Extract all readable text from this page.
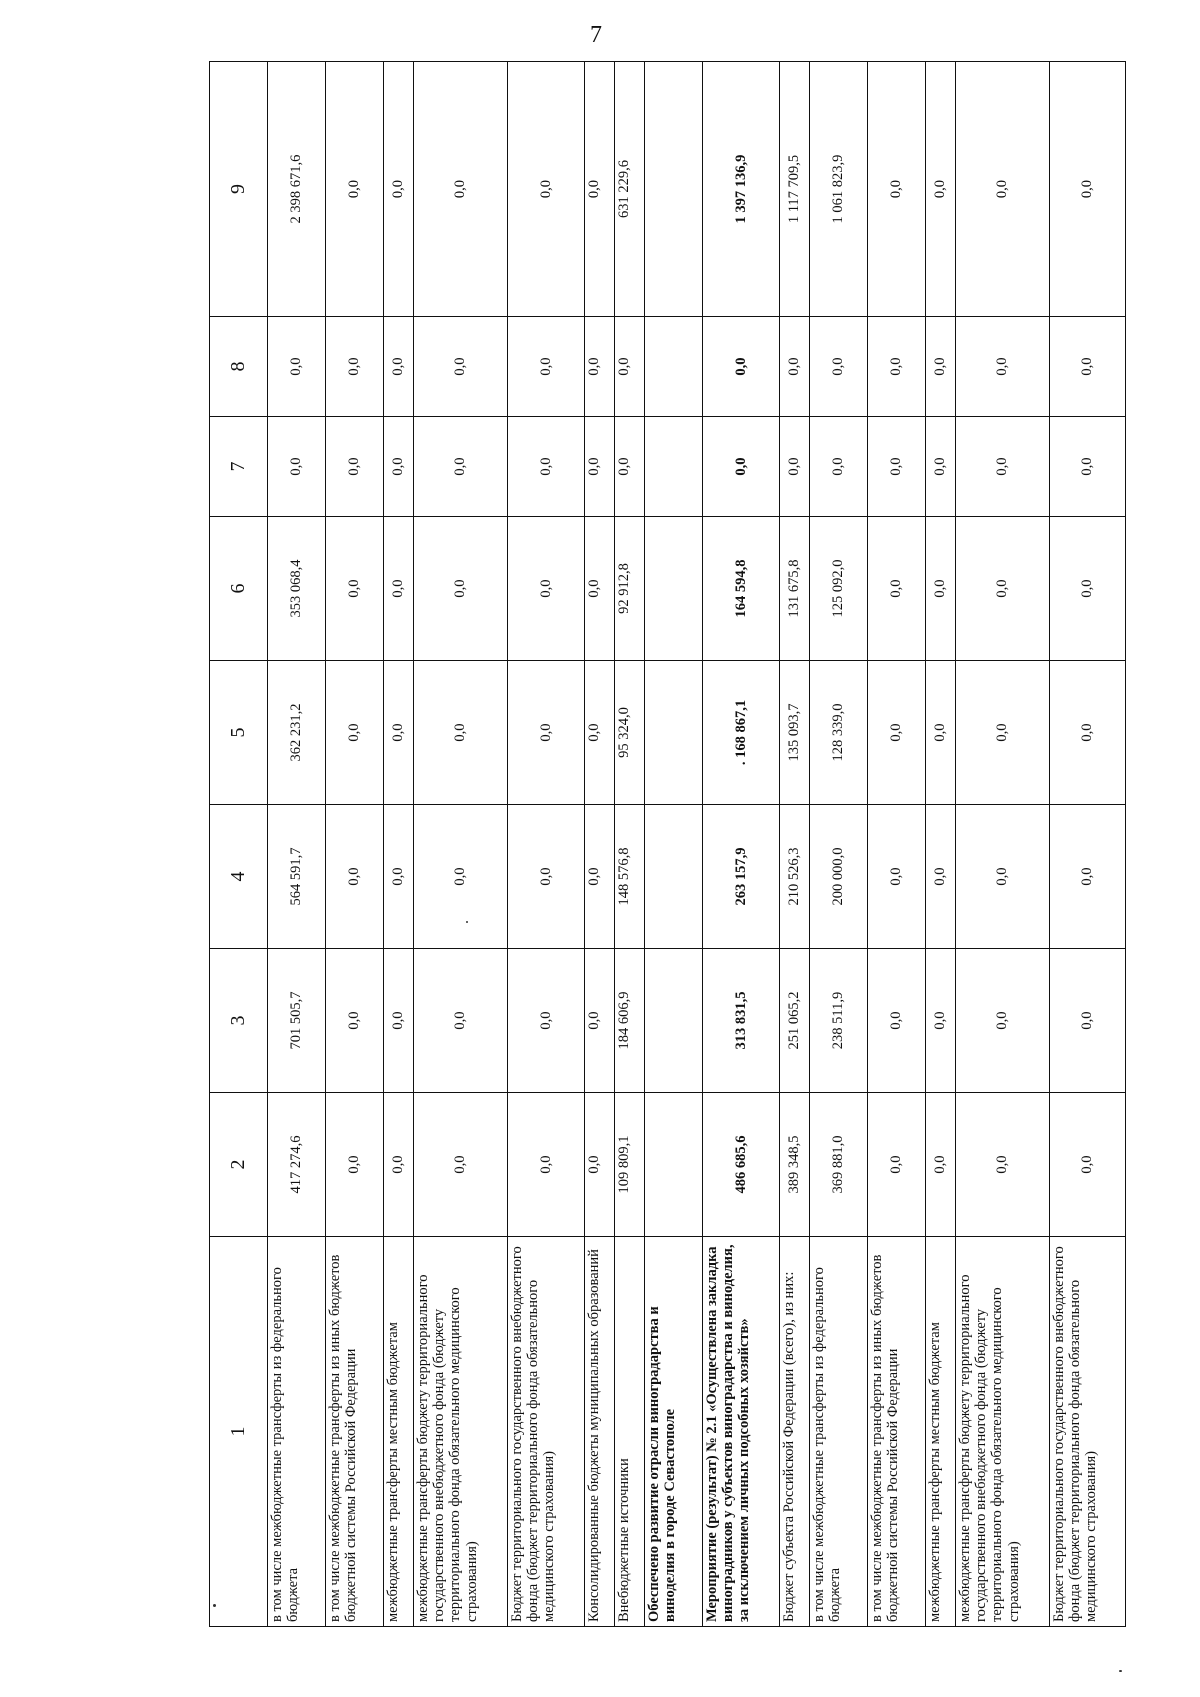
7
1	2	3	4	5	6	7	8	9
в том числе межбюджетные трансферты из федерального бюджета	417 274,6	701 505,7	564 591,7	362 231,2	353 068,4	0,0	0,0	2 398 671,6
в том числе межбюджетные трансферты из иных бюджетов бюджетной системы Российской Федерации	0,0	0,0	0,0	0,0	0,0	0,0	0,0	0,0
межбюджетные трансферты местным бюджетам	0,0	0,0	0,0	0,0	0,0	0,0	0,0	0,0
межбюджетные трансферты бюджету территориального государственного внебюджетного фонда (бюджету территориального фонда обязательного медицинского страхования)	0,0	0,0	0,0	0,0	0,0	0,0	0,0	0,0
Бюджет территориального государственного внебюджетного фонда (бюджет территориального фонда обязательного медицинского страхования)	0,0	0,0	0,0	0,0	0,0	0,0	0,0	0,0
Консолидированные бюджеты муниципальных образований	0,0	0,0	0,0	0,0	0,0	0,0	0,0	0,0
Внебюджетные источники	109 809,1	184 606,9	148 576,8	95 324,0	92 912,8	0,0	0,0	631 229,6
Обеспечено развитие отрасли виноградарства и виноделия в городе Севастополе								
Мероприятие (результат) № 2.1 «Осуществлена закладка виноградников у субъектов виноградарства и виноделия, за исключением личных подсобных хозяйств»	486 685,6	313 831,5	263 157,9	. 168 867,1	164 594,8	0,0	0,0	1 397 136,9
Бюджет субъекта Российской Федерации (всего), из них:	389 348,5	251 065,2	210 526,3	135 093,7	131 675,8	0,0	0,0	1 117 709,5
в том числе межбюджетные трансферты из федерального бюджета	369 881,0	238 511,9	200 000,0	128 339,0	125 092,0	0,0	0,0	1 061 823,9
в том числе межбюджетные трансферты из иных бюджетов бюджетной системы Российской Федерации	0,0	0,0	0,0	0,0	0,0	0,0	0,0	0,0
межбюджетные трансферты местным бюджетам	0,0	0,0	0,0	0,0	0,0	0,0	0,0	0,0
межбюджетные трансферты бюджету территориального государственного внебюджетного фонда (бюджету территориального фонда обязательного медицинского страхования)	0,0	0,0	0,0	0,0	0,0	0,0	0,0	0,0
Бюджет территориального государственного внебюджетного фонда (бюджет территориального фонда обязательного медицинского страхования)	0,0	0,0	0,0	0,0	0,0	0,0	0,0	0,0
